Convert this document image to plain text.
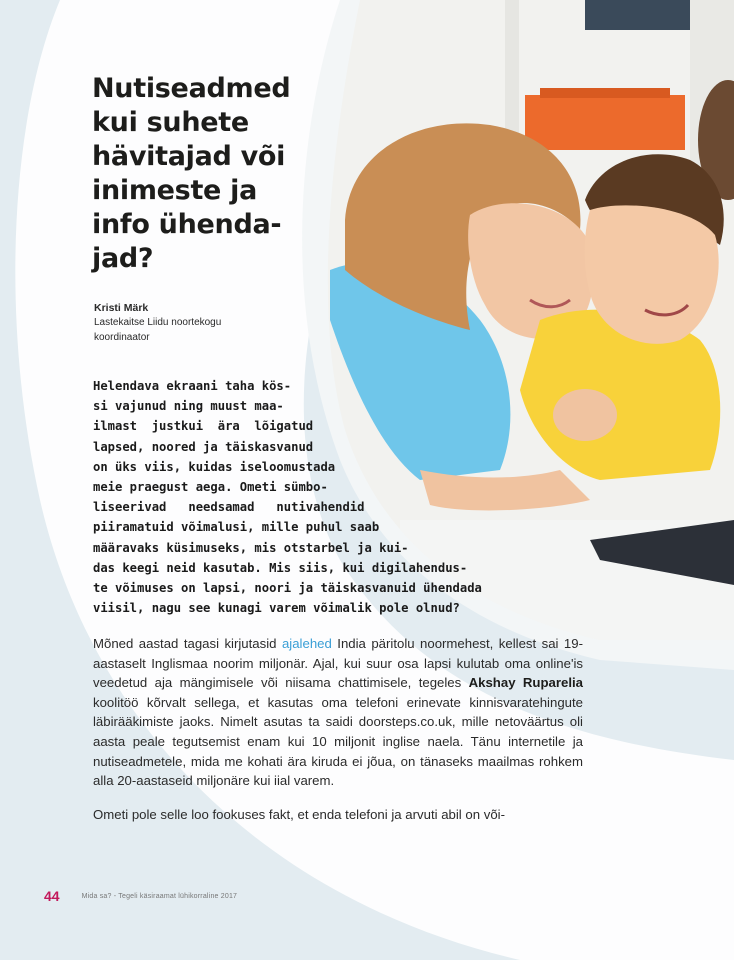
Nutiseadmed
kui suhete
hävitajad või
inimeste ja
info ühenda-
jad?
Kristi Märk
Lastekaitse Liidu noortekogu
koordinaator

Helendava ekraani taha kös-
si vajunud ning muust maa-
ilmast  justkui  ära  lõigatud
lapsed, noored ja täiskasvanud
on üks viis, kuidas iseloomustada
meie praegust aega. Ometi sümbo-
liseerivad   needsamad   nutivahendid
piiramatuid võimalusi, mille puhul saab
määravaks küsimuseks, mis otstarbel ja kui-
das keegi neid kasutab. Mis siis, kui digilahendus-
te võimuses on lapsi, noori ja täiskasvanuid ühendada
viisil, nagu see kunagi varem võimalik pole olnud?

Mõned aastad tagasi kirjutasid ajalehed India päritolu noormehest, kellest sai 19-aastaselt Inglismaa noorim miljonär. Ajal, kui suur osa lapsi kulutab oma online'is veedetud aja mängimisele või niisama chattimisele, tegeles Akshay Ruparelia koolitöö kõrvalt sellega, et kasutas oma telefoni erinevate kinnisvaratehingute läbirääkimiste jaoks. Nimelt asutas ta saidi doorsteps.co.uk, mille netoväärtus oli aasta peale tegutsemist enam kui 10 miljonit inglise naela. Tänu internetile ja nutiseadmetele, mida me kohati ära kiruda ei jõua, on tänaseks maailmas rohkem alla 20-aastaseid miljonäre kui iial varem.

Ometi pole selle loo fookuses fakt, et enda telefoni ja arvuti abil on või-

44	Mida sa? - Tegeli käsiraamat lühikorraline 2017
